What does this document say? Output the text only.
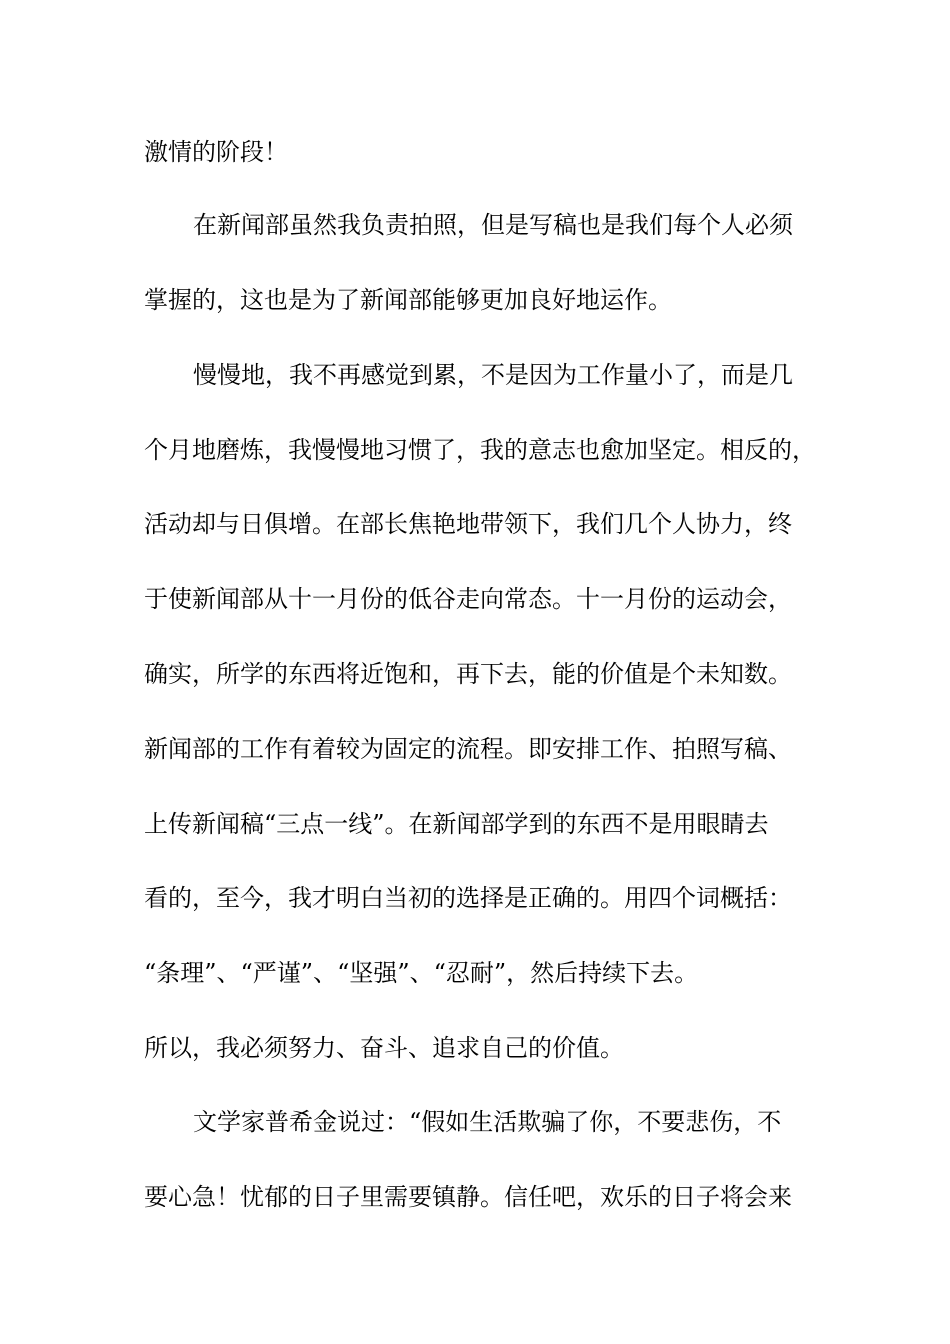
激情的阶段！
在新闻部虽然我负责拍照，但是写稿也是我们每个人必须
掌握的，这也是为了新闻部能够更加良好地运作。
慢慢地，我不再感觉到累，不是因为工作量小了，而是几
个月地磨炼，我慢慢地习惯了，我的意志也愈加坚定。相反的，
活动却与日俱增。在部长焦艳地带领下，我们几个人协力，终
于使新闻部从十一月份的低谷走向常态。十一月份的运动会，
确实，所学的东西将近饱和，再下去，能的价值是个未知数。
新闻部的工作有着较为固定的流程。即安排工作、拍照写稿、
上传新闻稿“三点一线”。在新闻部学到的东西不是用眼睛去
看的，至今，我才明白当初的选择是正确的。用四个词概括：
“条理”、“严谨”、“坚强”、“忍耐”，然后持续下去。
所以，我必须努力、奋斗、追求自己的价值。
文学家普希金说过：“假如生活欺骗了你，不要悲伤，不
要心急！忧郁的日子里需要镇静。信任吧，欢乐的日子将会来
